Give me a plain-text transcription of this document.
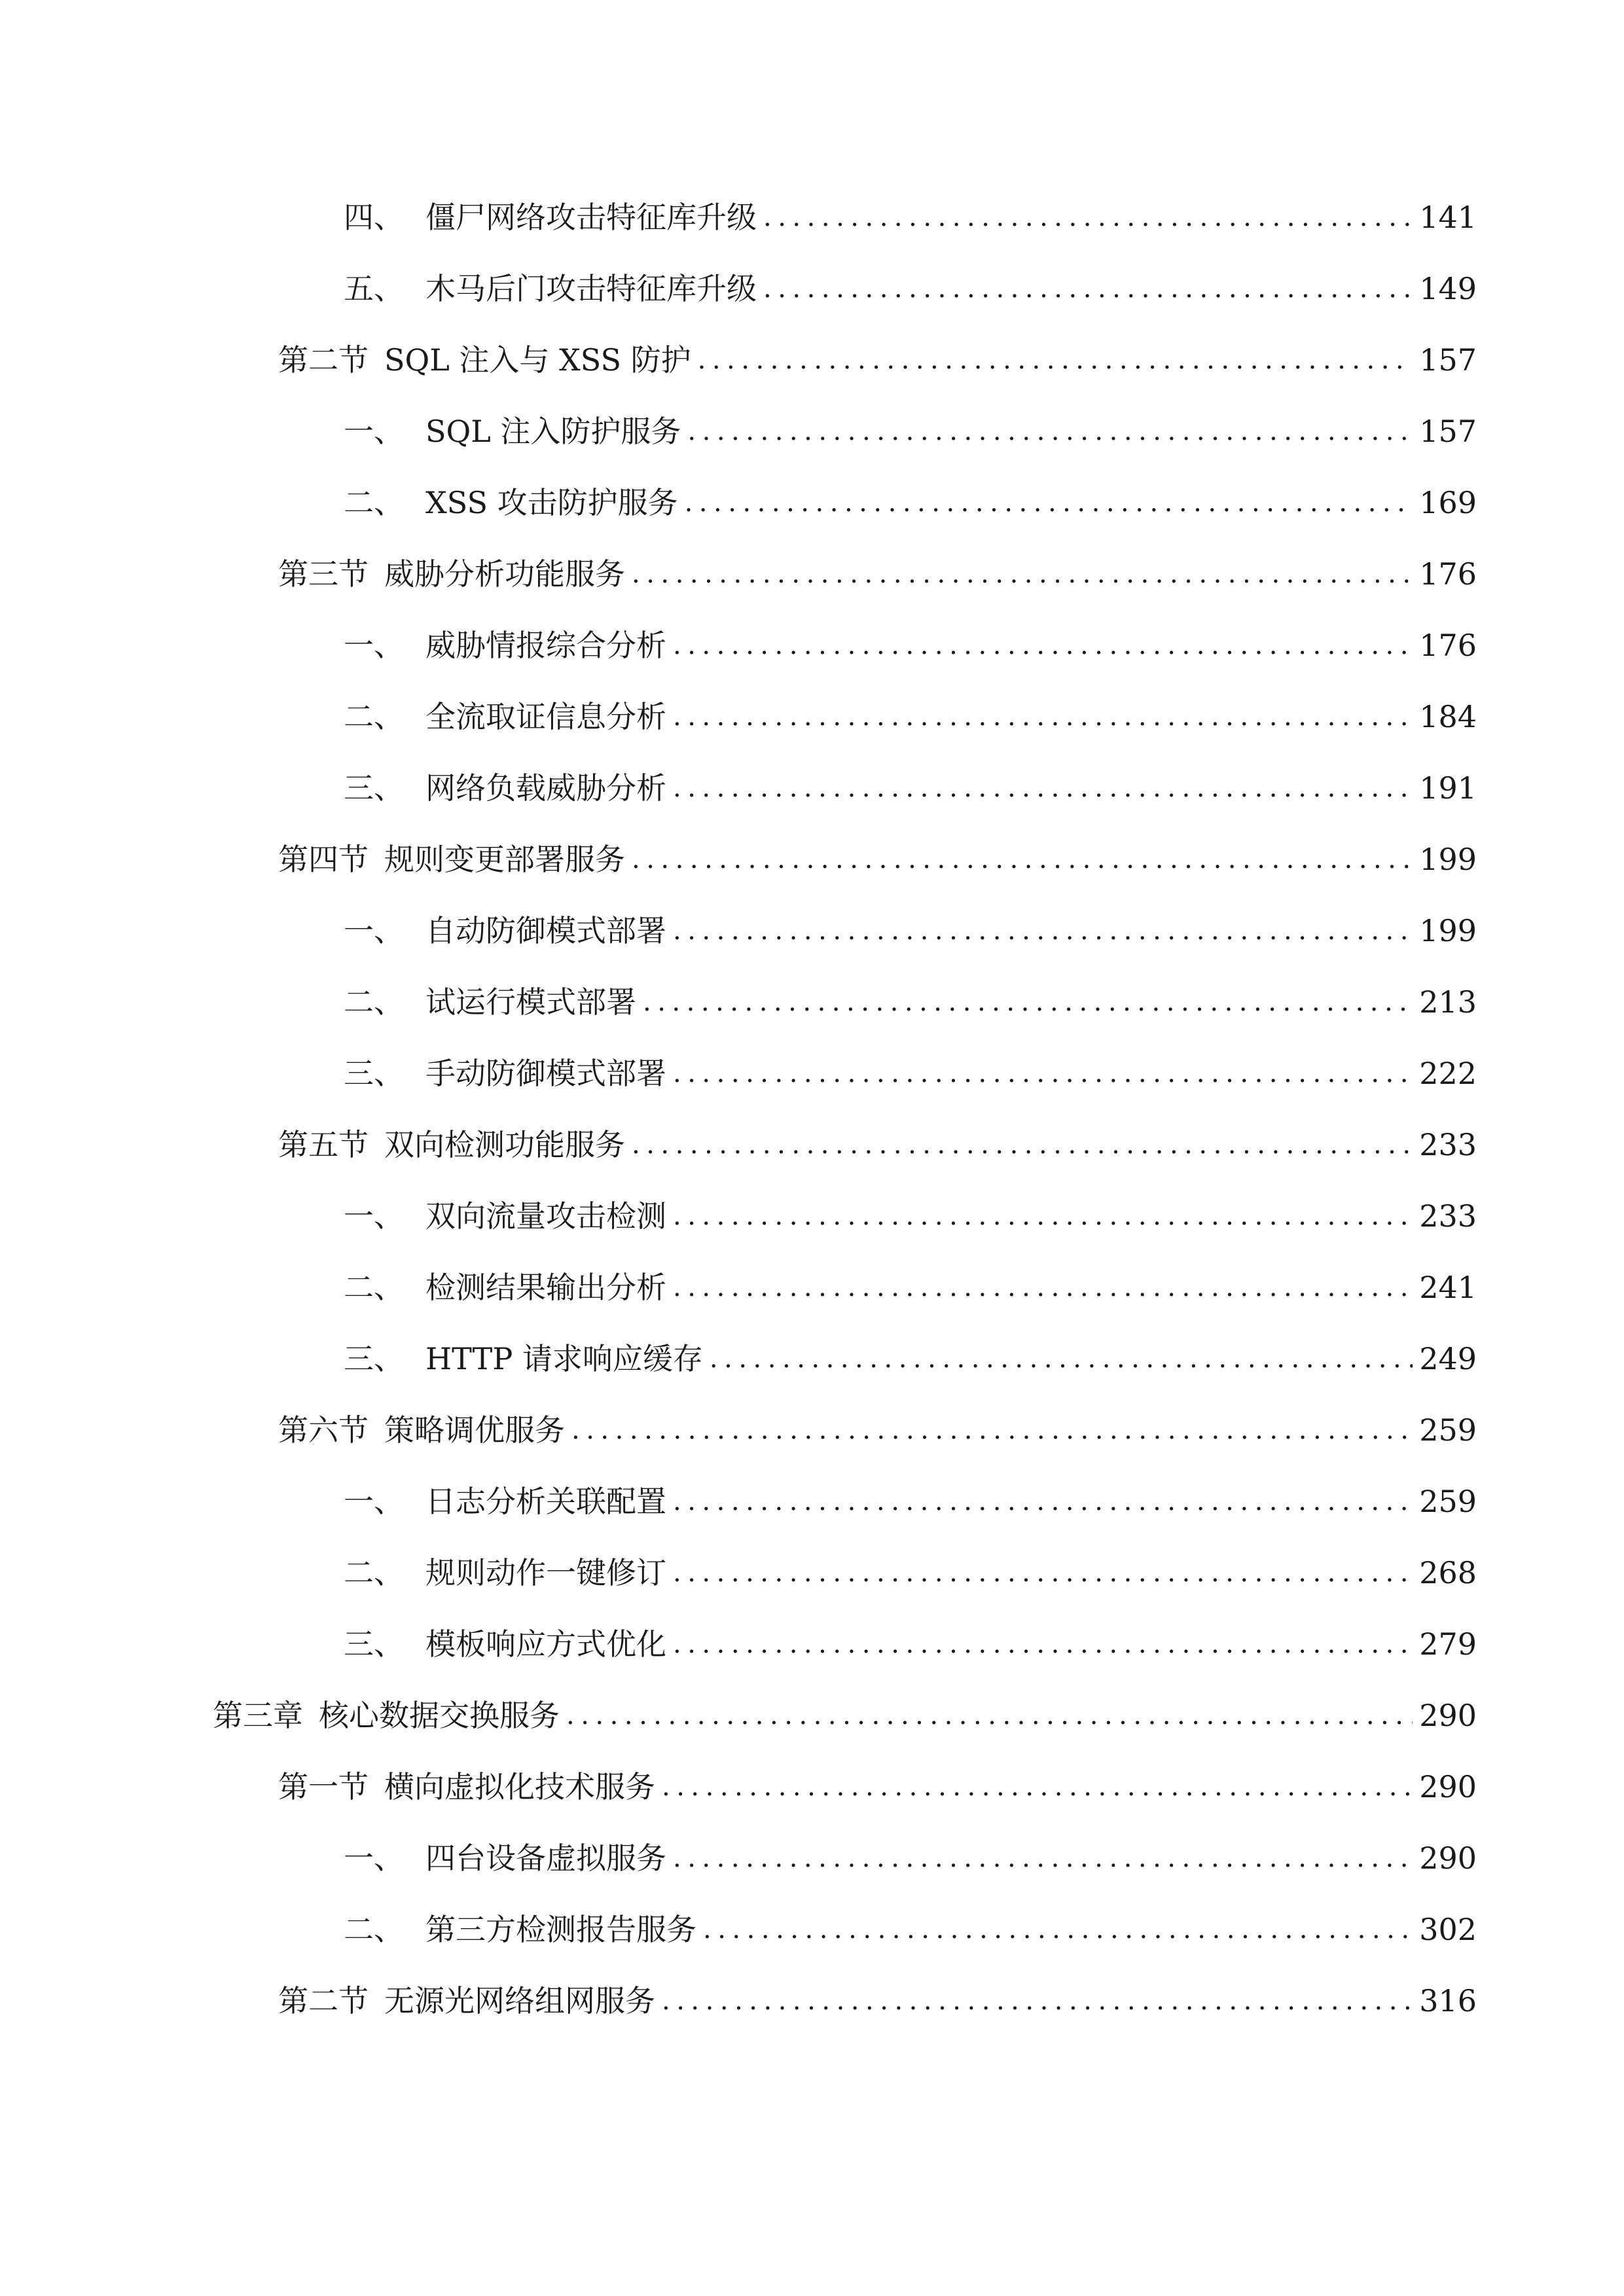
四、 僵尸网络攻击特征库升级 .....	141
五、 木马后门攻击特征库升级 .....	149
第二节 SQL 注入与 XSS 防护 .....	157
一、 SQL 注入防护服务 .....	157
二、 XSS 攻击防护服务 .....	169
第三节 威胁分析功能服务 .....	176
一、 威胁情报综合分析 .....	176
二、 全流取证信息分析 .....	184
三、 网络负载威胁分析 .....	191
第四节 规则变更部署服务 .....	199
一、 自动防御模式部署 .....	199
二、 试运行模式部署 .....	213
三、 手动防御模式部署 .....	222
第五节 双向检测功能服务 .....	233
一、 双向流量攻击检测 .....	233
二、 检测结果输出分析 .....	241
三、 HTTP 请求响应缓存 .....	249
第六节 策略调优服务 .....	259
一、 日志分析关联配置 .....	259
二、 规则动作一键修订 .....	268
三、 模板响应方式优化 .....	279
第三章 核心数据交换服务 .....	290
第一节 横向虚拟化技术服务 .....	290
一、 四台设备虚拟服务 .....	290
二、 第三方检测报告服务 .....	302
第二节 无源光网络组网服务 .....	316
